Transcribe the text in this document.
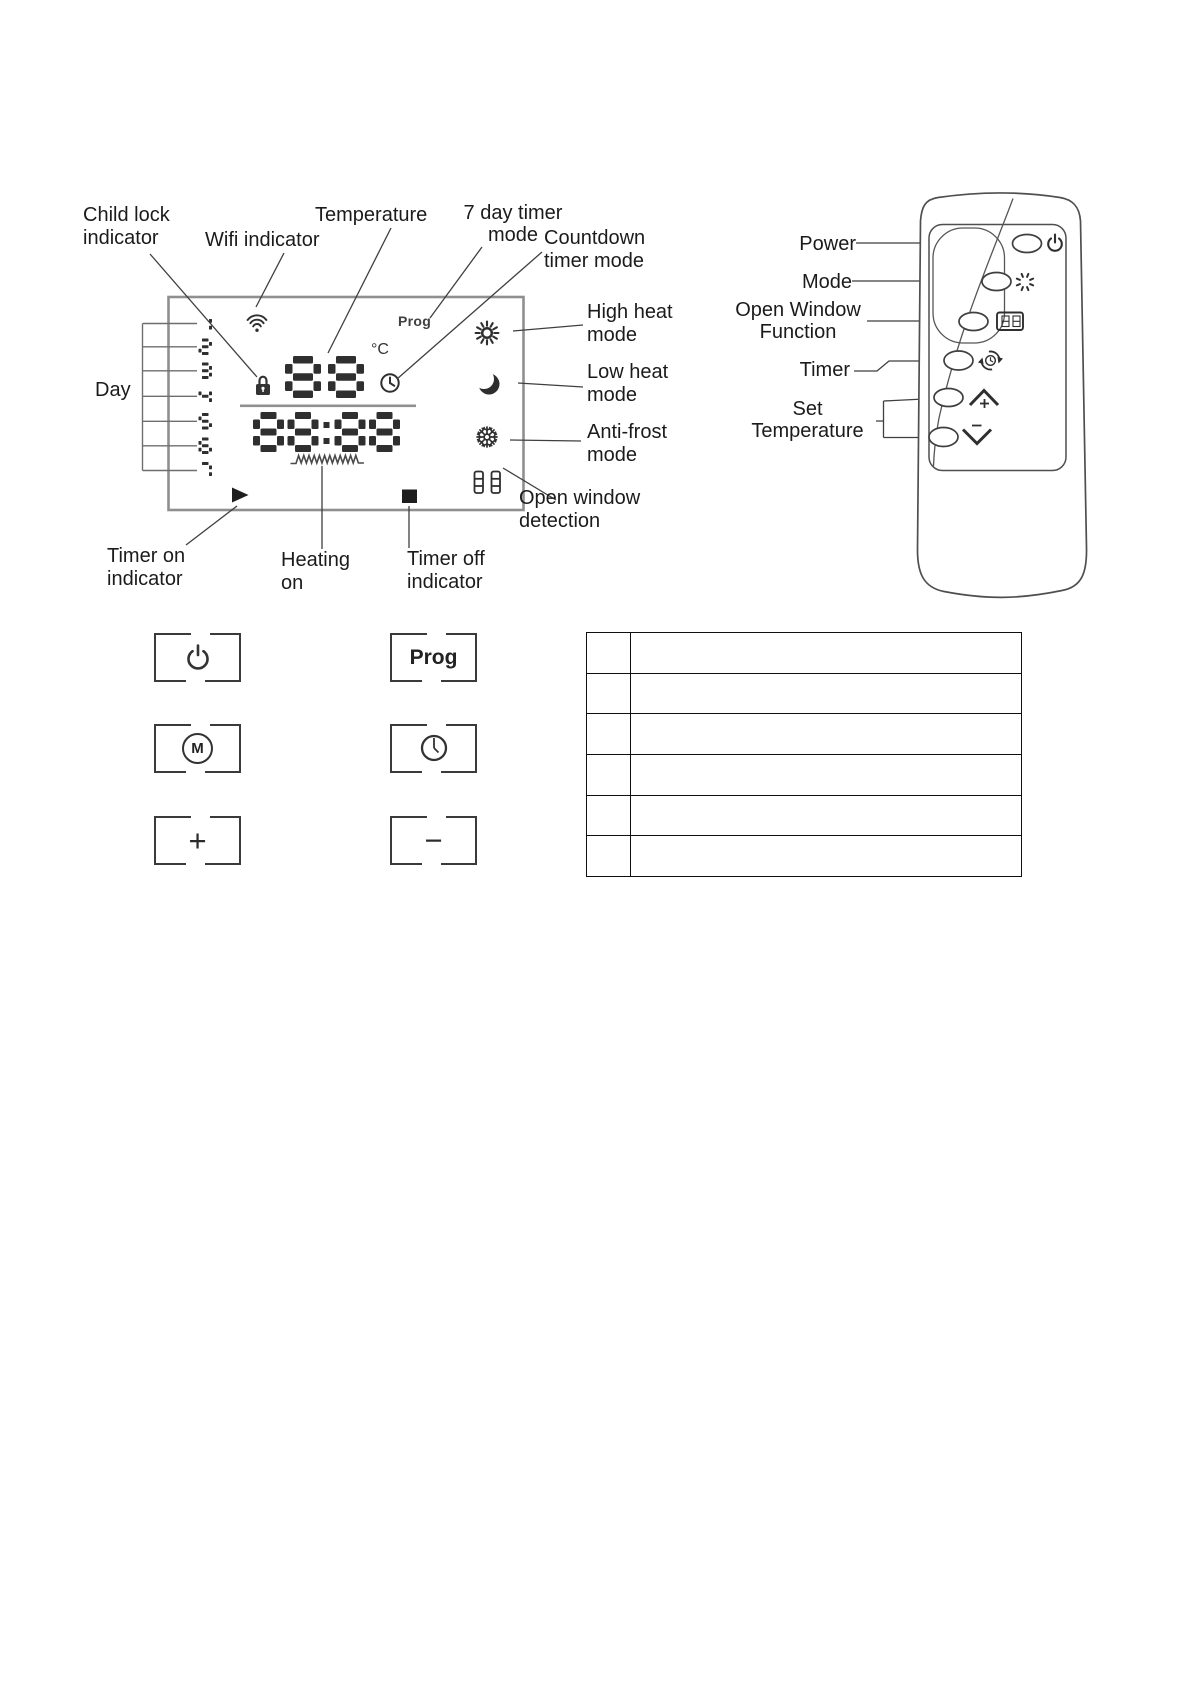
Child lock
indicator	Wifi indicator
Temperature 7 day timer
mode Countdown
timer mode
High heat
mode
Low heat
mode
Anti-frost
mode
Day
Timer on
indicator
Heating
on
Timer off
indicator
Open window
detection
Prog
°C
Power
Mode
Open Window
Function
Timer
Set
Temperature
Prog
M
+	−
